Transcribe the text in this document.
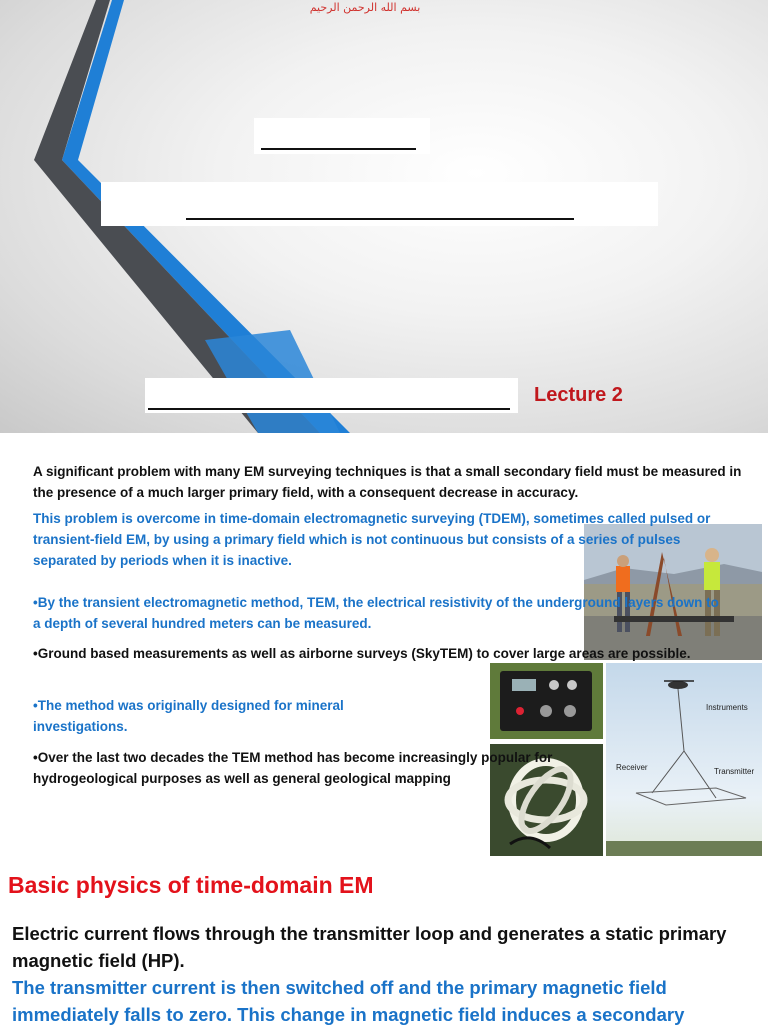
بسم الله الرحمن الرحيم
Lecture 2
Instruments
Receiver	Transmitter

A significant problem with many EM surveying techniques is that a small secondary field must be measured in the presence of a much larger primary field, with a consequent decrease in accuracy.

This problem is overcome in time-domain electromagnetic surveying (TDEM), sometimes called pulsed or transient-field EM, by using a primary field which is not continuous but consists of a series of pulses separated by periods when it is inactive.

•By the transient electromagnetic method, TEM, the electrical resistivity of the underground layers down to a depth of several hundred meters can be measured.

•Ground based measurements as well as airborne surveys (SkyTEM) to cover large areas are possible.

•The method was originally designed for mineral investigations.

•Over the last two decades the TEM method has become increasingly popular for hydrogeological purposes as well as general geological mapping

Basic physics of time-domain EM

Electric current flows through the transmitter loop and generates a static primary magnetic field (HP).

The transmitter current is then switched off and the primary magnetic field immediately falls to zero. This change in magnetic field induces a secondary
